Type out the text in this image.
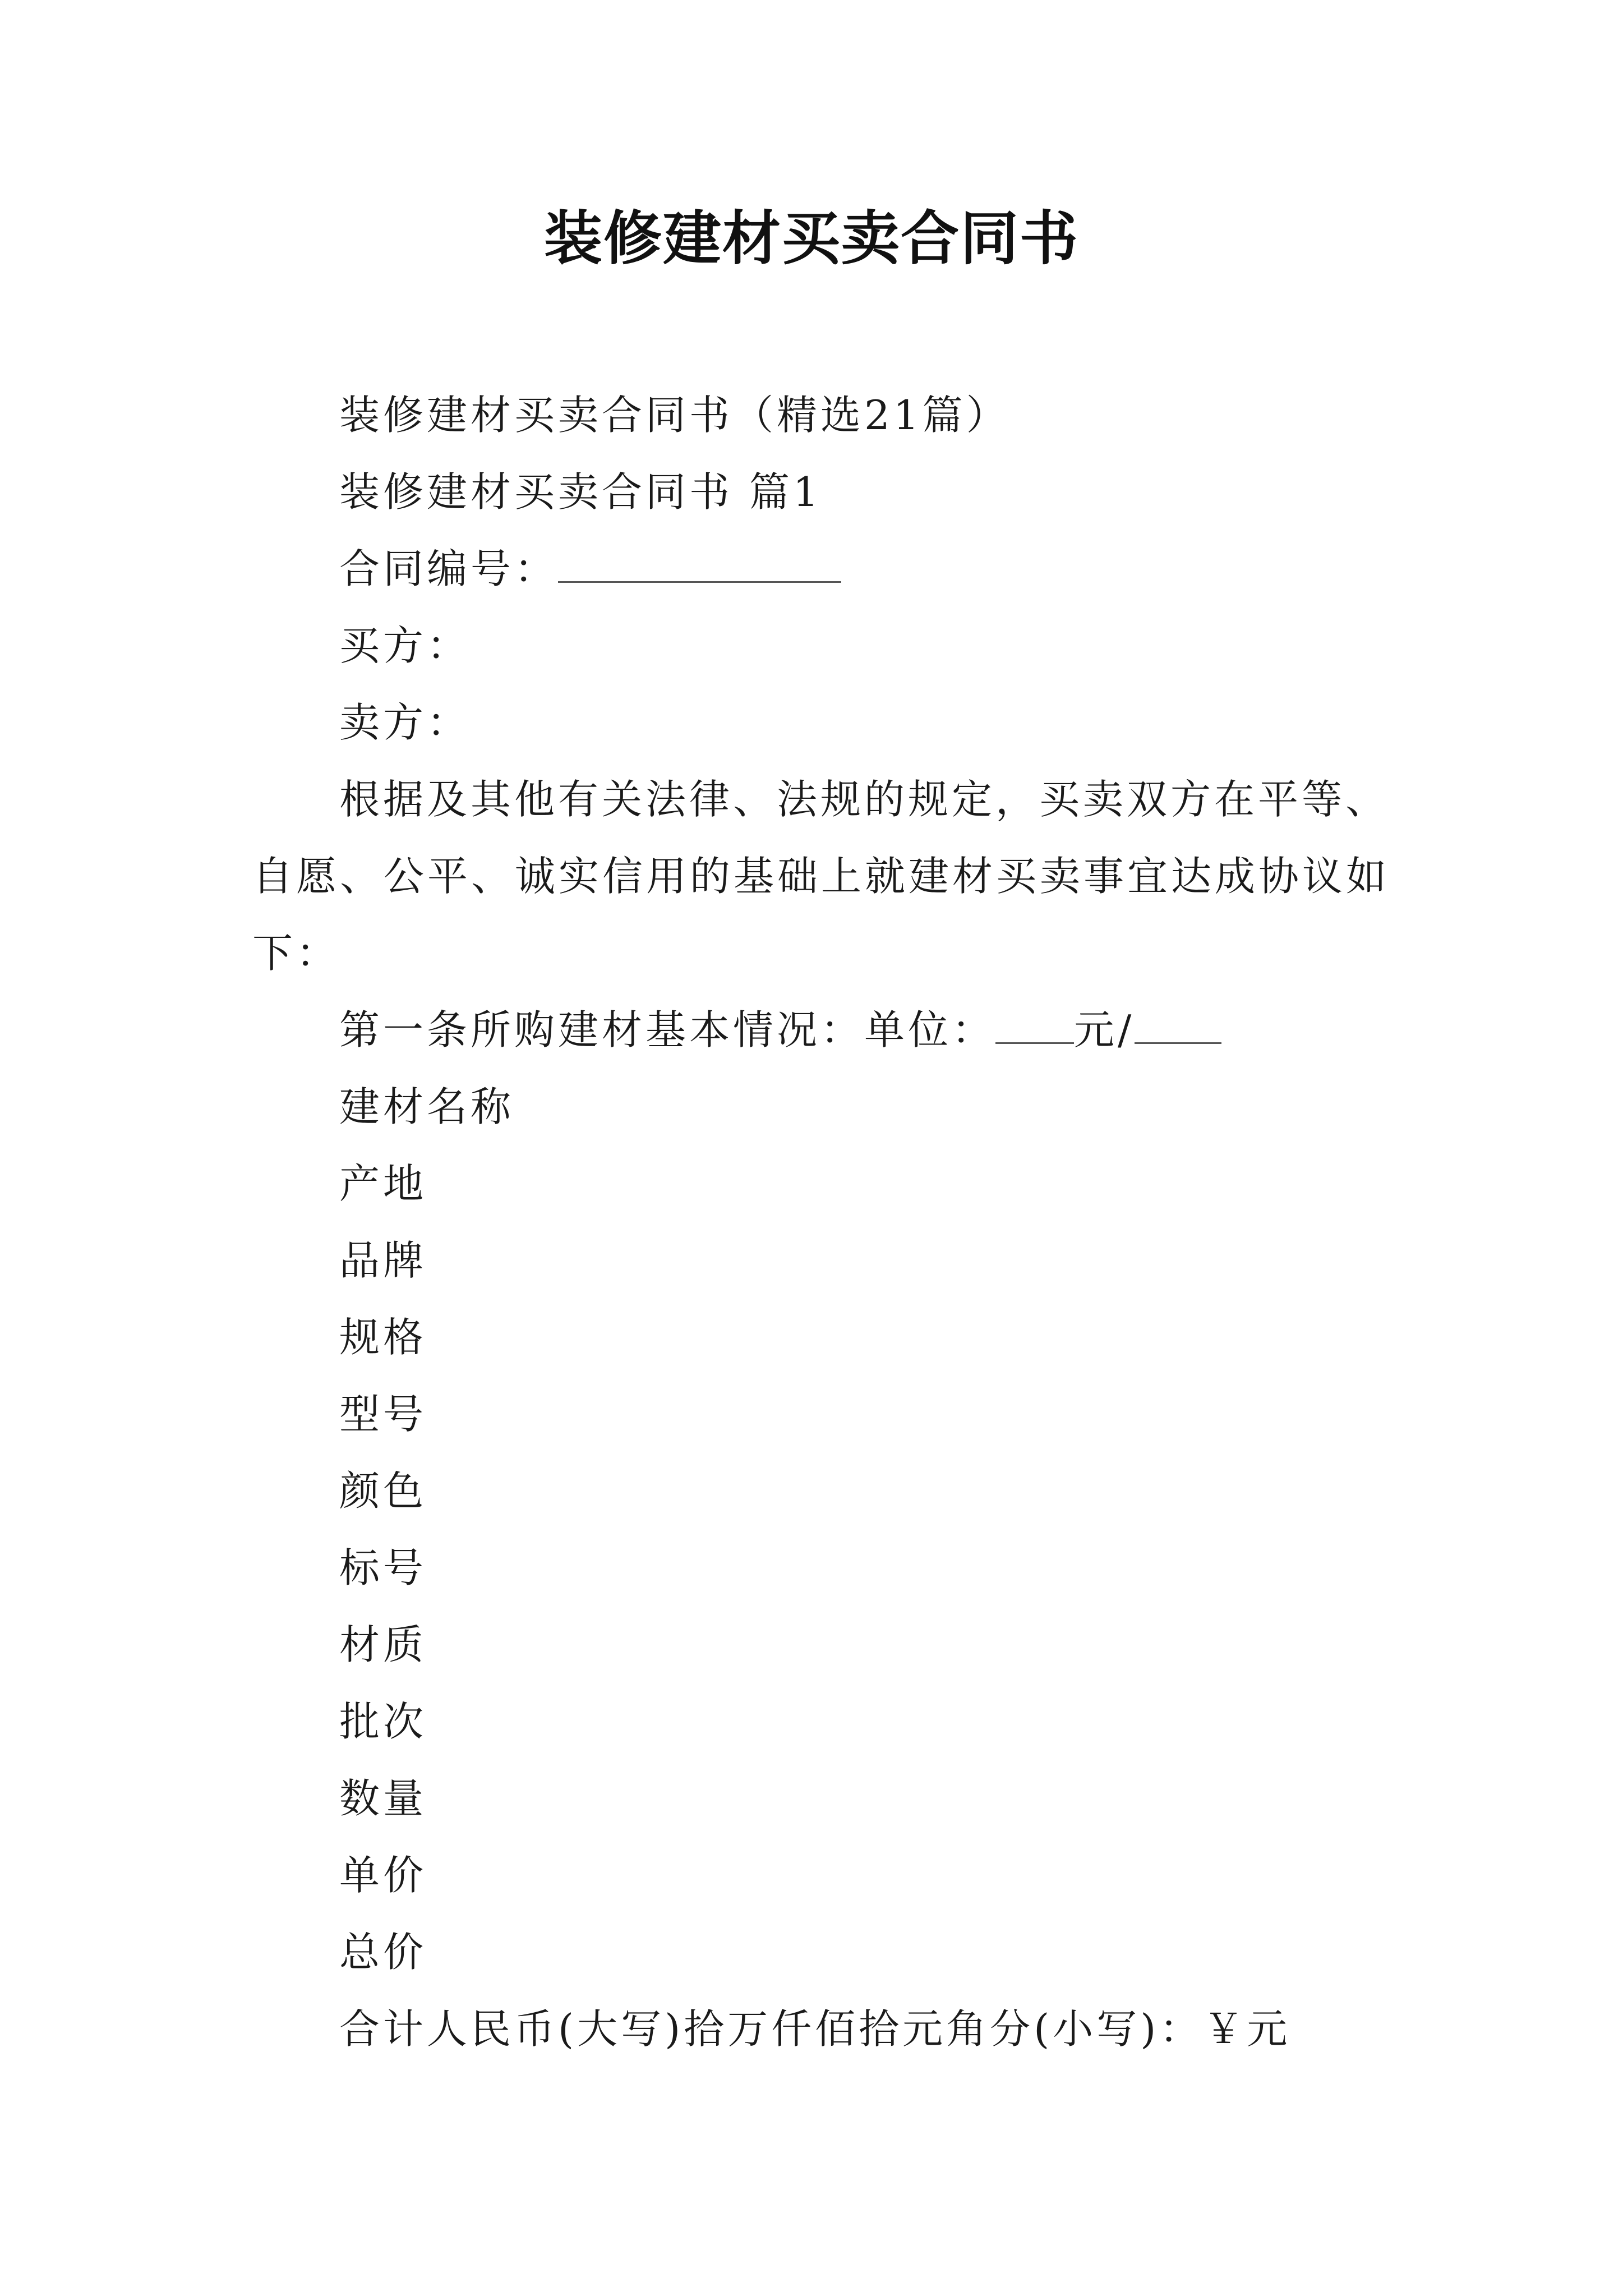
装修建材买卖合同书
装修建材买卖合同书（精选21篇）
装修建材买卖合同书 篇1
合同编号：
买方：
卖方：
根据及其他有关法律、法规的规定，买卖双方在平等、
自愿、公平、诚实信用的基础上就建材买卖事宜达成协议如
下：
第一条所购建材基本情况：单位： 元/
建材名称
产地
品牌
规格
型号
颜色
标号
材质
批次
数量
单价
总价
合计人民币(大写)拾万仟佰拾元角分(小写)：￥元
